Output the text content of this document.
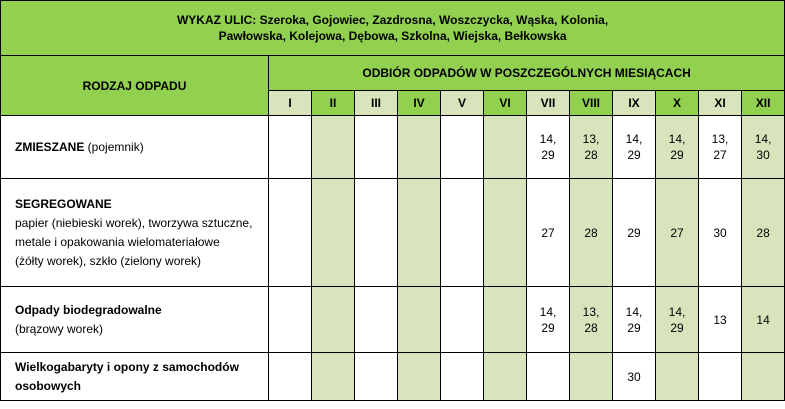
WYKAZ ULIC: Szeroka, Gojowiec, Zazdrosna, Woszczycka, Wąska, Kolonia,
Pawłowska, Kolejowa, Dębowa, Szkolna, Wiejska, Bełkowska												

RODZAJ ODPADU	ODBIÓR ODPADÓW W POSZCZEGÓLNYCH MIESIĄCACH											
	I	II	III	IV	V	VI	VII	VIII	IX	X	XI	XII
ZMIESZANE (pojemnik)							14,
29	13,
28	14,
29	14,
29	13,
27	14,
30

SEGREGOWANE
papier (niebieski worek), tworzywa sztuczne,
metale i opakowania wielomateriałowe
(żółty worek), szkło (zielony worek)							27	28	29	27	30	28

Odpady biodegradowalne
(brązowy worek)							14,
29	13,
28	14,
29	14,
29	13	14

Wielkogabaryty i opony z samochodów
osobowych									30			
